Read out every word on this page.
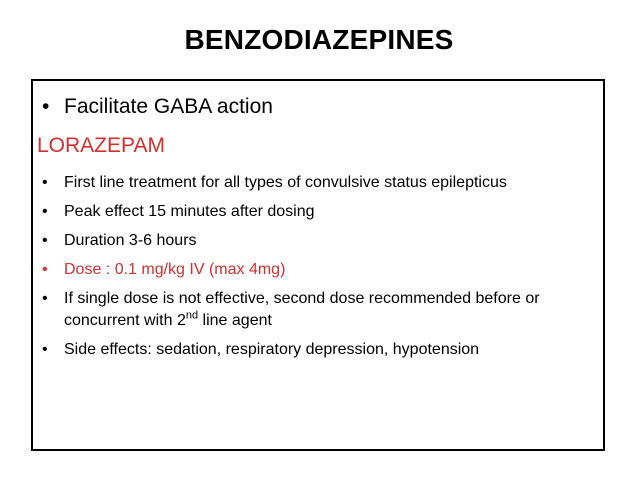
BENZODIAZEPINES
• Facilitate GABA action
LORAZEPAM
• First line treatment for all types of convulsive status epilepticus
• Peak effect 15 minutes after dosing
• Duration 3-6 hours
• Dose : 0.1 mg/kg IV (max 4mg)
• If single dose is not effective, second dose recommended before or concurrent with 2nd line agent
• Side effects: sedation, respiratory depression, hypotension
